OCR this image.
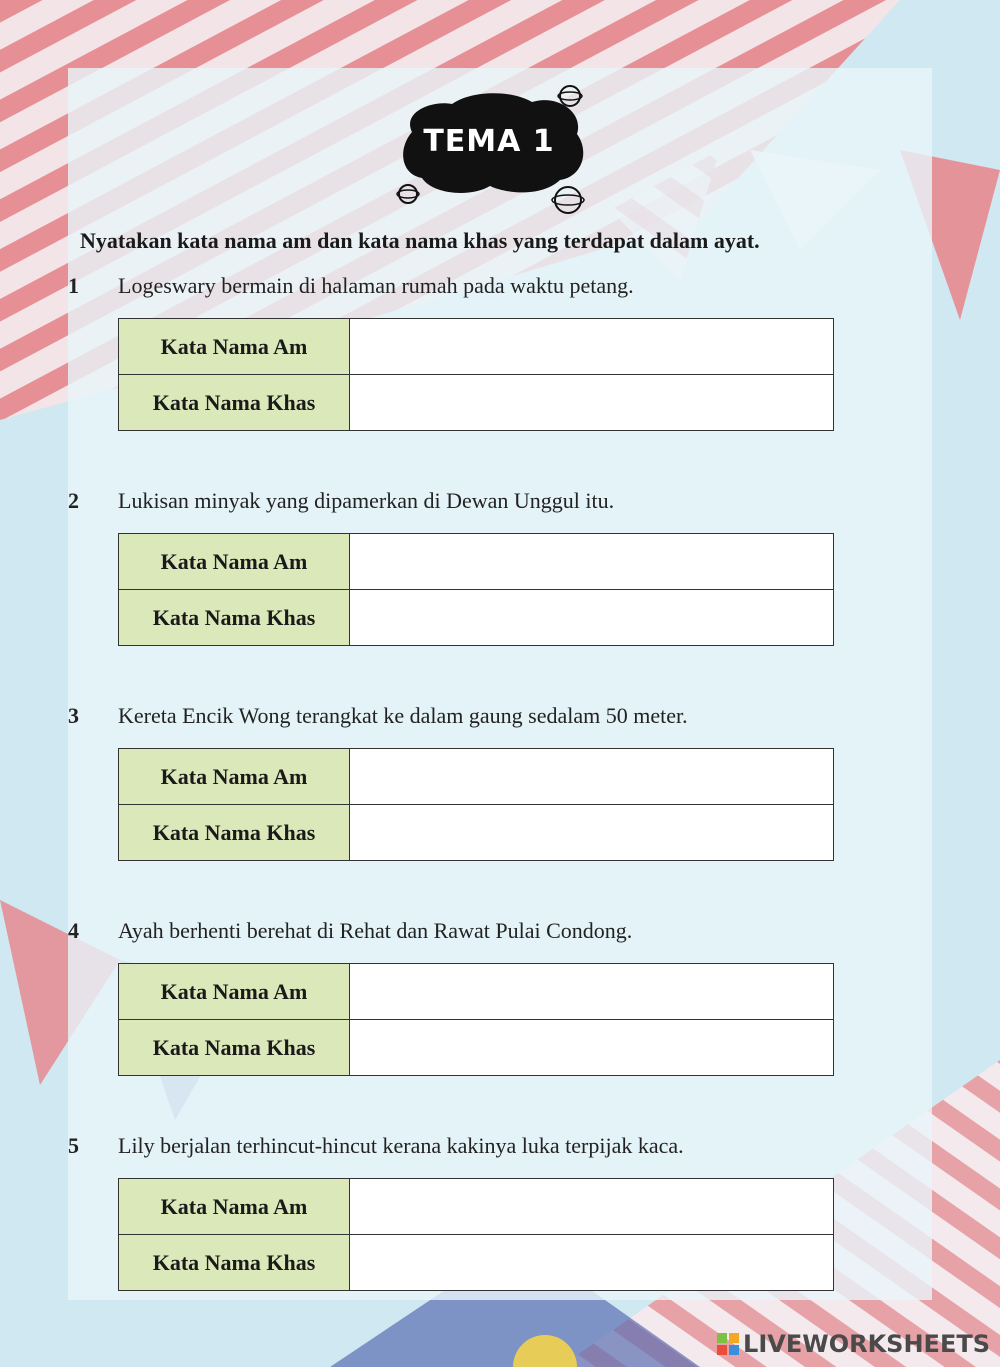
TEMA 1
Nyatakan kata nama am dan kata nama khas yang terdapat dalam ayat.
1 Logeswary bermain di halaman rumah pada waktu petang.
Kata Nama Am	
Kata Nama Khas	
2 Lukisan minyak yang dipamerkan di Dewan Unggul itu.
Kata Nama Am	
Kata Nama Khas	
3 Kereta Encik Wong terangkat ke dalam gaung sedalam 50 meter.
Kata Nama Am	
Kata Nama Khas	
4 Ayah berhenti berehat di Rehat dan Rawat Pulai Condong.
Kata Nama Am	
Kata Nama Khas	
5 Lily berjalan terhincut-hincut kerana kakinya luka terpijak kaca.
Kata Nama Am	
Kata Nama Khas	
LIVEWORKSHEETS
